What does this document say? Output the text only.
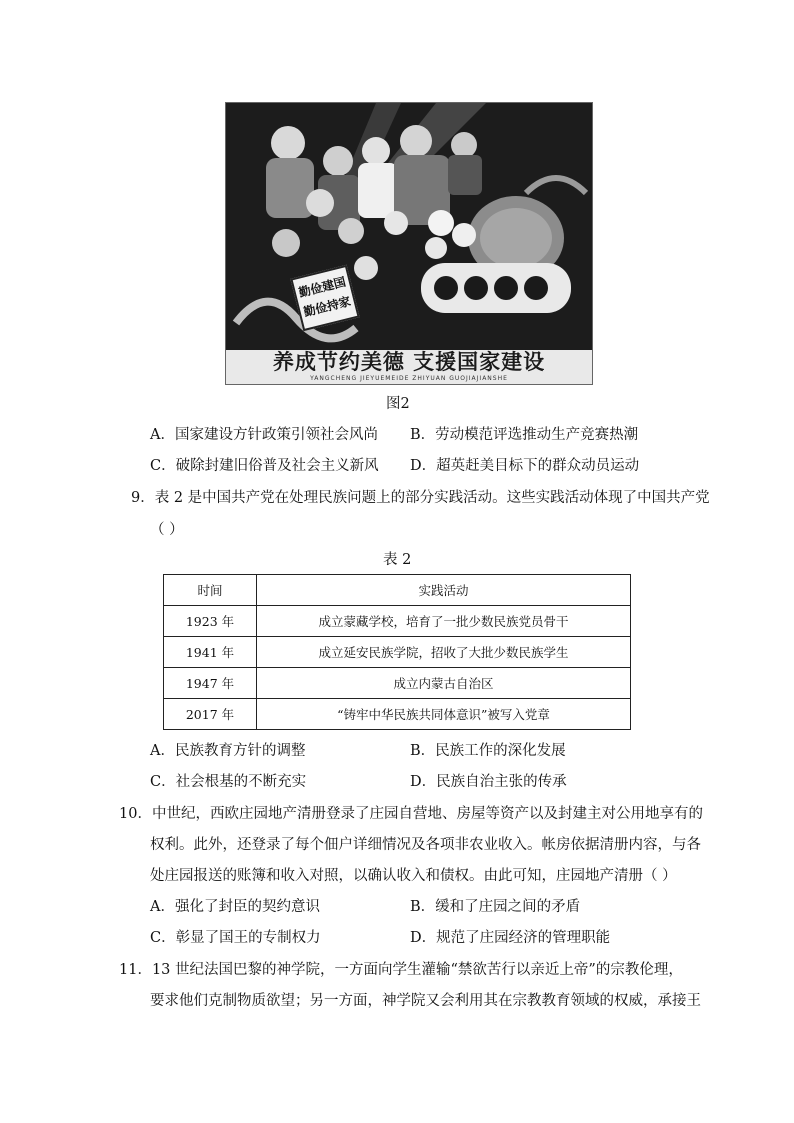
勤俭建国
勤俭持家
养成节约美德 支援国家建设
YANGCHENG JIEYUEMEIDE ZHIYUAN GUOJIAJIANSHE
图2
A．国家建设方针政策引领社会风尚 B．劳动模范评选推动生产竞赛热潮
C．破除封建旧俗普及社会主义新风 D．超英赶美目标下的群众动员运动
9．表 2 是中国共产党在处理民族问题上的部分实践活动。这些实践活动体现了中国共产党
（ ）
表 2
时间	实践活动
1923 年	成立蒙藏学校，培育了一批少数民族党员骨干
1941 年	成立延安民族学院，招收了大批少数民族学生
1947 年	成立内蒙古自治区
2017 年	“铸牢中华民族共同体意识”被写入党章
A．民族教育方针的调整	B．民族工作的深化发展
C．社会根基的不断充实	D．民族自治主张的传承
10．中世纪，西欧庄园地产清册登录了庄园自营地、房屋等资产以及封建主对公用地享有的
权利。此外，还登录了每个佃户详细情况及各项非农业收入。帐房依据清册内容，与各
处庄园报送的账簿和收入对照，以确认收入和债权。由此可知，庄园地产清册（ ）
A．强化了封臣的契约意识	B．缓和了庄园之间的矛盾
C．彰显了国王的专制权力	D．规范了庄园经济的管理职能
11．13 世纪法国巴黎的神学院，一方面向学生灌输“禁欲苦行以亲近上帝”的宗教伦理，
要求他们克制物质欲望；另一方面，神学院又会利用其在宗教教育领域的权威，承接王
